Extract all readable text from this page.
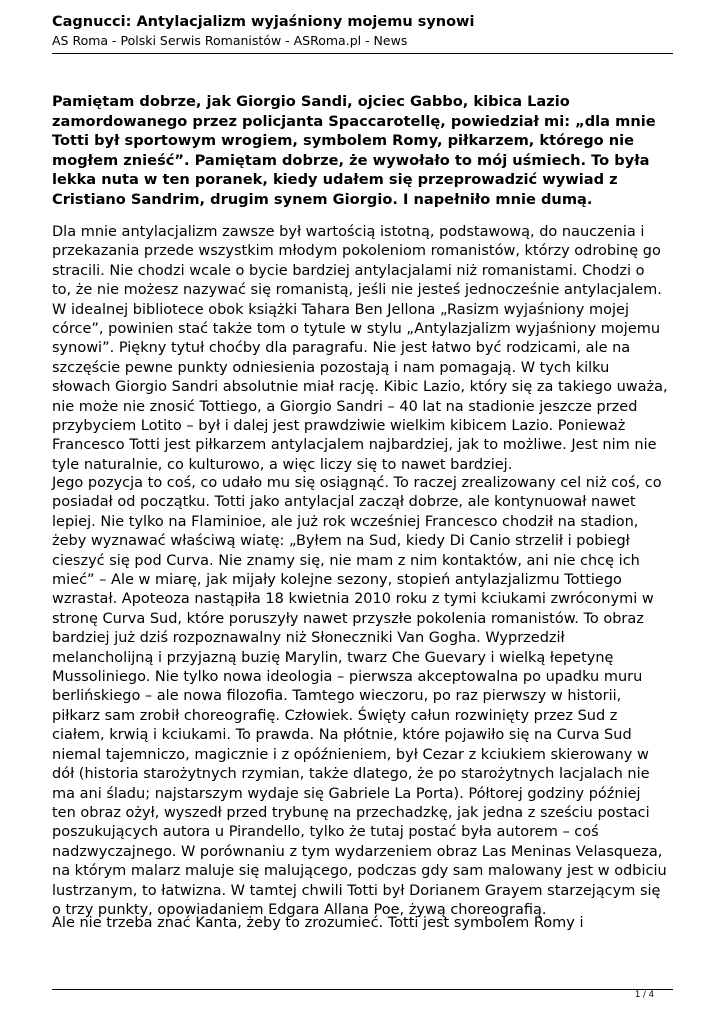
Cagnucci: Antylacjalizm wyjaśniony mojemu synowi
AS Roma - Polski Serwis Romanistów - ASRoma.pl - News

Pamiętam dobrze, jak Giorgio Sandi, ojciec Gabbo, kibica Lazio
zamordowanego przez policjanta Spaccarotellę, powiedział mi: „dla mnie
Totti był sportowym wrogiem, symbolem Romy, piłkarzem, którego nie
mogłem znieść”. Pamiętam dobrze, że wywołało to mój uśmiech. To była
lekka nuta w ten poranek, kiedy udałem się przeprowadzić wywiad z
Cristiano Sandrim, drugim synem Giorgio. I napełniło mnie dumą.

Dla mnie antylacjalizm zawsze był wartością istotną, podstawową, do nauczenia i
przekazania przede wszystkim młodym pokoleniom romanistów, którzy odrobinę go
stracili. Nie chodzi wcale o bycie bardziej antylacjalami niż romanistami. Chodzi o
to, że nie możesz nazywać się romanistą, jeśli nie jesteś jednocześnie antylacjalem.
W idealnej bibliotece obok książki Tahara Ben Jellona „Rasizm wyjaśniony mojej
córce”, powinien stać także tom o tytule w stylu „Antylazjalizm wyjaśniony mojemu
synowi”. Piękny tytuł choćby dla paragrafu. Nie jest łatwo być rodzicami, ale na
szczęście pewne punkty odniesienia pozostają i nam pomagają. W tych kilku
słowach Giorgio Sandri absolutnie miał rację. Kibic Lazio, który się za takiego uważa,
nie może nie znosić Tottiego, a Giorgio Sandri – 40 lat na stadionie jeszcze przed
przybyciem Lotito – był i dalej jest prawdziwie wielkim kibicem Lazio. Ponieważ
Francesco Totti jest piłkarzem antylacjalem najbardziej, jak to możliwe. Jest nim nie
tyle naturalnie, co kulturowo, a więc liczy się to nawet bardziej.

Jego pozycja to coś, co udało mu się osiągnąć. To raczej zrealizowany cel niż coś, co
posiadał od początku. Totti jako antylacjal zaczął dobrze, ale kontynuował nawet
lepiej. Nie tylko na Flaminioe, ale już rok wcześniej Francesco chodził na stadion,
żeby wyznawać właściwą wiatę: „Byłem na Sud, kiedy Di Canio strzelił i pobiegł
cieszyć się pod Curva. Nie znamy się, nie mam z nim kontaktów, ani nie chcę ich
mieć” – Ale w miarę, jak mijały kolejne sezony, stopień antylazjalizmu Tottiego
wzrastał. Apoteoza nastąpiła 18 kwietnia 2010 roku z tymi kciukami zwróconymi w
stronę Curva Sud, które poruszyły nawet przyszłe pokolenia romanistów. To obraz
bardziej już dziś rozpoznawalny niż Słoneczniki Van Gogha. Wyprzedził
melancholijną i przyjazną buzię Marylin, twarz Che Guevary i wielką łepetynę
Mussoliniego. Nie tylko nowa ideologia – pierwsza akceptowalna po upadku muru
berlińskiego – ale nowa filozofia. Tamtego wieczoru, po raz pierwszy w historii,
piłkarz sam zrobił choreografię. Człowiek. Święty całun rozwinięty przez Sud z
ciałem, krwią i kciukami. To prawda. Na płótnie, które pojawiło się na Curva Sud
niemal tajemniczo, magicznie i z opóźnieniem, był Cezar z kciukiem skierowany w
dół (historia starożytnych rzymian, także dlatego, że po starożytnych lacjalach nie
ma ani śladu; najstarszym wydaje się Gabriele La Porta). Półtorej godziny później
ten obraz ożył, wyszedł przed trybunę na przechadzkę, jak jedna z sześciu postaci
poszukujących autora u Pirandello, tylko że tutaj postać była autorem – coś
nadzwyczajnego. W porównaniu z tym wydarzeniem obraz Las Meninas Velasqueza,
na którym malarz maluje się malującego, podczas gdy sam malowany jest w odbiciu
lustrzanym, to łatwizna. W tamtej chwili Totti był Dorianem Grayem starzejącym się
o trzy punkty, opowiadaniem Edgara Allana Poe, żywą choreografią.

Ale nie trzeba znać Kanta, żeby to zrozumieć. Totti jest symbolem Romy i

1 / 4
